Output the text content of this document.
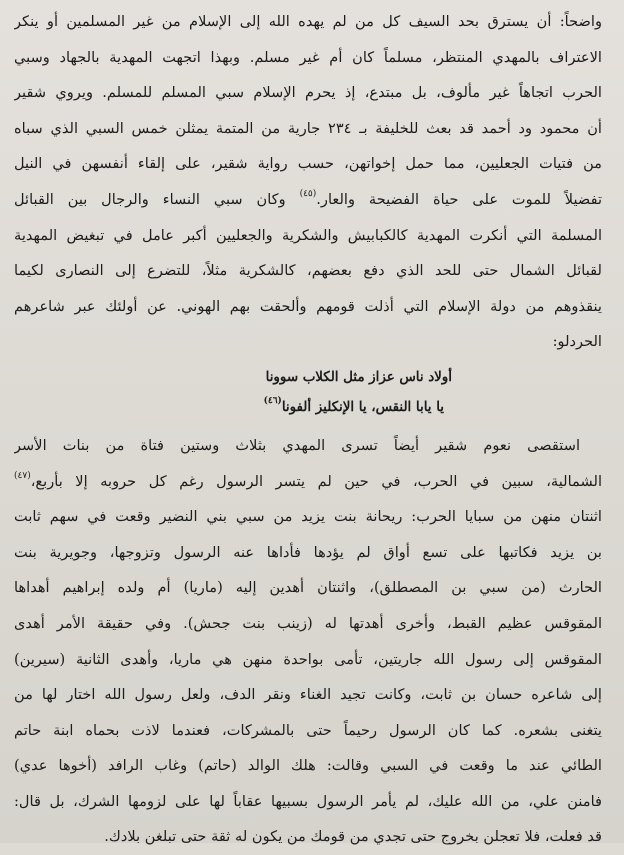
واضحاً: أن يسترق بحد السيف كل من لم يهده الله إلى الإسلام من غير المسلمين أو ينكر
الاعتراف بالمهدي المنتظر، مسلماً كان أم غير مسلم. وبهذا اتجهت المهدية بالجهاد وسبي
الحرب اتجاهاً غير مألوف، بل مبتدع، إذ يحرم الإسلام سبي المسلم للمسلم. ويروي شقير
أن محمود ود أحمد قد بعث للخليفة بـ ٢٣٤ جارية من المتمة يمثلن خمس السبي الذي سباه
من فتيات الجعليين، مما حمل إخواتهن، حسب رواية شقير، على إلقاء أنفسهن في النيل
تفضيلاً للموت على حياة الفضيحة والعار.$^{(٤٥)}$ وكان سبي النساء والرجال بين القبائل
المسلمة التي أنكرت المهدية كالكبابيش والشكرية والجعليين أكبر عامل في تبغيض المهدية
لقبائل الشمال حتى للحد الذي دفع بعضهم، كالشكرية مثلاً، للتضرع إلى النصارى لكيما
ينقذوهم من دولة الإسلام التي أذلت قومهم وألحقت بهم الهوني. عن أولئك عبر شاعرهم
الحردلو:

أولاد ناس عزاز مثل الكلاب سوونا
يا يابا النقس، يا الإنكليز ألفونا$^{(٤٦)}$

استقصى نعوم شقير أيضاً تسرى المهدي بثلاث وستين فتاة من بنات الأسر
الشمالية، سبين في الحرب، في حين لم يتسر الرسول رغم كل حروبه إلا بأربع،$^{(٤٧)}$
اثنتان منهن من سبايا الحرب: ريحانة بنت يزيد من سبي بني النضير وقعت في سهم ثابت
بن يزيد فكاتبها على تسع أواق لم يؤدها فأداها عنه الرسول وتزوجها، وجويرية بنت
الحارث (من سبي بن المصطلق)، واثنتان أهدين إليه (ماريا) أم ولده إبراهيم أهداها
المقوقس عظيم القبط، وأخرى أهدتها له (زينب بنت جحش). وفي حقيقة الأمر أهدى
المقوقس إلى رسول الله جاريتين، تأمى بواحدة منهن هي ماريا، وأهدى الثانية (سيرين)
إلى شاعره حسان بن ثابت، وكانت تجيد الغناء ونقر الدف، ولعل رسول الله اختار لها من
يتغنى بشعره. كما كان الرسول رحيماً حتى بالمشركات، فعندما لاذت بحماه ابنة حاتم
الطائي عند ما وقعت في السبي وقالت: هلك الوالد (حاتم) وغاب الرافد (أخوها عدي)
فامنن علي، من الله عليك، لم يأمر الرسول بسبيها عقاباً لها على لزومها الشرك، بل قال:
قد فعلت، فلا تعجلن بخروج حتى تجدي من قومك من يكون له ثقة حتى تبلغن بلادك.
